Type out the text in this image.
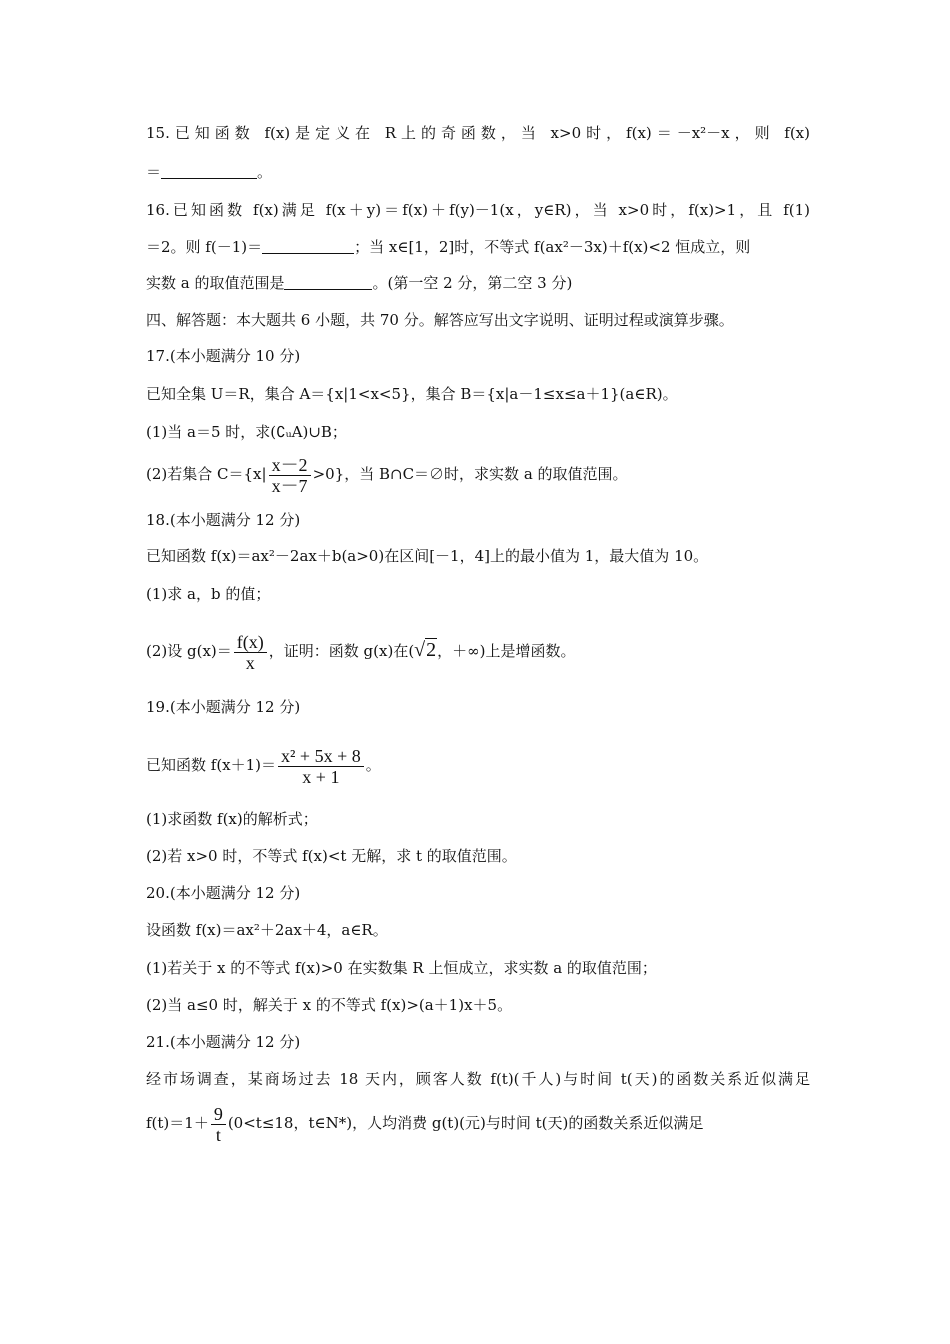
15.已知函数 f(x)是定义在 R上的奇函数，当 x>0时，f(x)＝－x²－x，则 f(x)
＝	。
16.已知函数 f(x)满足 f(x＋y)＝f(x)＋f(y)－1(x，y∈R)，当 x>0时，f(x)>1，且 f(1)
＝2。则 f(－1)＝	；当 x∈[1，2]时，不等式 f(ax²－3x)＋f(x)<2 恒成立，则
实数 a 的取值范围是	。(第一空 2 分，第二空 3 分)
四、解答题：本大题共 6 小题，共 70 分。解答应写出文字说明、证明过程或演算步骤。
17.(本小题满分 10 分)
已知全集 U＝R，集合 A＝{x|1<x<5}，集合 B＝{x|a－1≤x≤a＋1}(a∈R)。
(1)当 a＝5 时，求(∁ᵤA)∪B；
(2)若集合 $C=\{x| \frac{x-2}{x-7} >0\}$，当 B∩C＝∅时，求实数 a 的取值范围。
18.(本小题满分 12 分)
已知函数 f(x)＝ax²－2ax＋b(a>0)在区间[－1，4]上的最小值为 1，最大值为 10。
(1)求 a，b 的值；
(2)设 $g(x)= \frac{f(x)}{x}$ ，证明：函数 g(x)在(√2，＋∞)上是增函数。
19.(本小题满分 12 分)
已知函数 $f(x+1)= \frac{\text{x² + 5x + 8}}{x + 1}$ 。
(1)求函数 f(x)的解析式；
(2)若 x>0 时，不等式 f(x)<t 无解，求 t 的取值范围。
20.(本小题满分 12 分)
设函数 f(x)＝ax²＋2ax＋4，a∈R。
(1)若关于 x 的不等式 f(x)>0 在实数集 R 上恒成立，求实数 a 的取值范围；
(2)当 a≤0 时，解关于 x 的不等式 f(x)>(a＋1)x＋5。
21.(本小题满分 12 分)
经市场调查，某商场过去 18 天内，顾客人数 f(t)(千人)与时间 t(天)的函数关系近似满足
$f(t)=1+ \frac{9}{t} (0<t\le 18$，t∈N*)，人均消费 g(t)(元)与时间 t(天)的函数关系近似满足
